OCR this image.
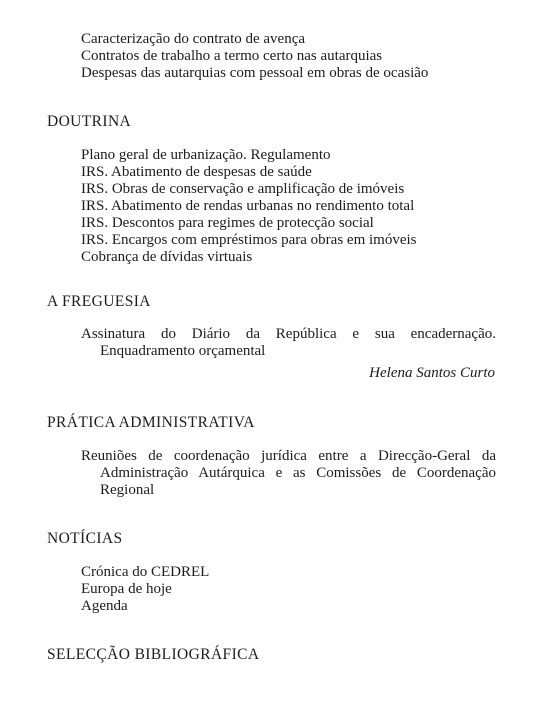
Caracterização do contrato de avença
Contratos de trabalho a termo certo nas autarquias
Despesas das autarquias com pessoal em obras de ocasião
DOUTRINA
Plano geral de urbanização. Regulamento
IRS. Abatimento de despesas de saúde
IRS. Obras de conservação e amplificação de imóveis
IRS. Abatimento de rendas urbanas no rendimento total
IRS. Descontos para regimes de protecção social
IRS. Encargos com empréstimos para obras em imóveis
Cobrança de dívidas virtuais
A FREGUESIA
Assinatura do Diário da República e sua encadernação. Enquadramento orçamental
Helena Santos Curto
PRÁTICA ADMINISTRATIVA
Reuniões de coordenação jurídica entre a Direcção-Geral da Administração Autárquica e as Comissões de Coordenação Regional
NOTÍCIAS
Crónica do CEDREL
Europa de hoje
Agenda
SELECÇÃO BIBLIOGRÁFICA
